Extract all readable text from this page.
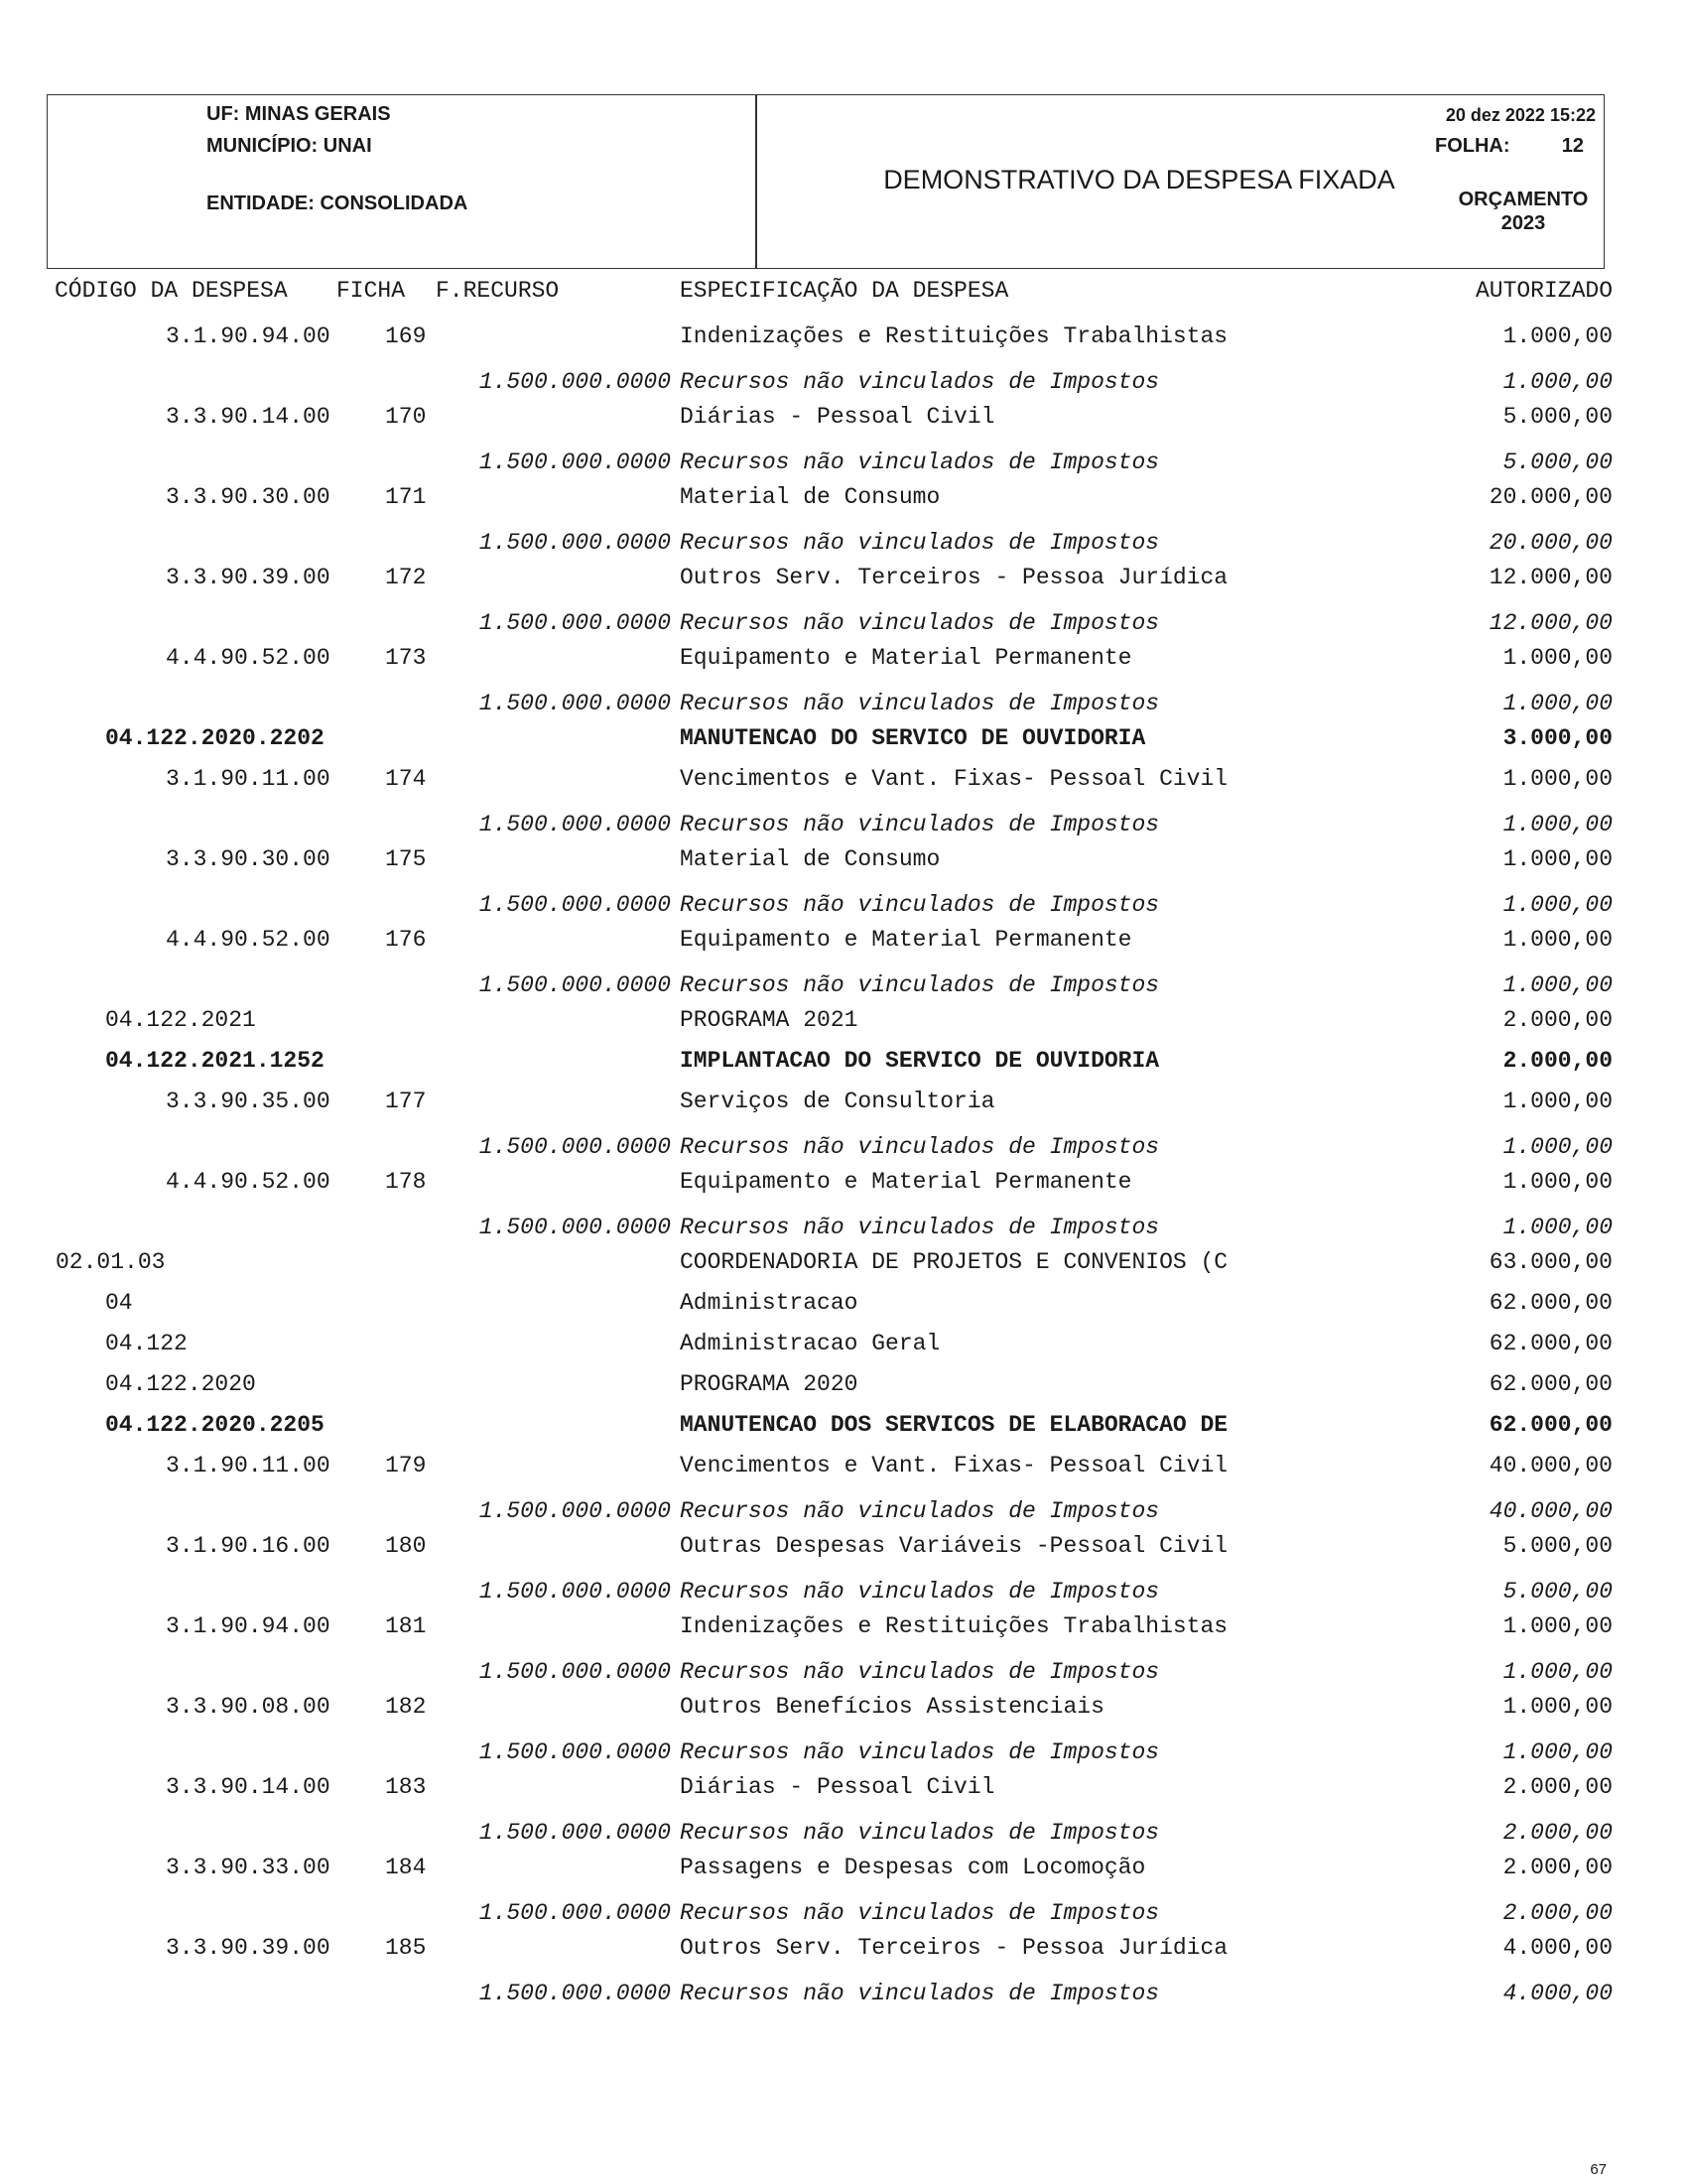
UF: MINAS GERAIS
MUNICÍPIO: UNAI
ENTIDADE: CONSOLIDADA
DEMONSTRATIVO DA DESPESA FIXADA
20 dez 2022 15:22
FOLHA:	12
ORÇAMENTO
2023
CÓDIGO DA DESPESA FICHA F.RECURSO	ESPECIFICAÇÃO DA DESPESA	AUTORIZADO
3.1.90.94.00 169	Indenizações e Restituições Trabalhistas	1.000,00
1.500.000.0000 Recursos não vinculados de Impostos	1.000,00
3.3.90.14.00 170	Diárias - Pessoal Civil	5.000,00
1.500.000.0000 Recursos não vinculados de Impostos	5.000,00
3.3.90.30.00 171	Material de Consumo	20.000,00
1.500.000.0000 Recursos não vinculados de Impostos	20.000,00
3.3.90.39.00 172	Outros Serv. Terceiros - Pessoa Jurídica	12.000,00
1.500.000.0000 Recursos não vinculados de Impostos	12.000,00
4.4.90.52.00 173	Equipamento e Material Permanente	1.000,00
1.500.000.0000 Recursos não vinculados de Impostos	1.000,00
04.122.2020.2202	MANUTENCAO DO SERVICO DE OUVIDORIA	3.000,00
3.1.90.11.00 174	Vencimentos e Vant. Fixas- Pessoal Civil	1.000,00
1.500.000.0000 Recursos não vinculados de Impostos	1.000,00
3.3.90.30.00 175	Material de Consumo	1.000,00
1.500.000.0000 Recursos não vinculados de Impostos	1.000,00
4.4.90.52.00 176	Equipamento e Material Permanente	1.000,00
1.500.000.0000 Recursos não vinculados de Impostos	1.000,00
04.122.2021	PROGRAMA 2021	2.000,00
04.122.2021.1252	IMPLANTACAO DO SERVICO DE OUVIDORIA	2.000,00
3.3.90.35.00 177	Serviços de Consultoria	1.000,00
1.500.000.0000 Recursos não vinculados de Impostos	1.000,00
4.4.90.52.00 178	Equipamento e Material Permanente	1.000,00
1.500.000.0000 Recursos não vinculados de Impostos	1.000,00
02.01.03	COORDENADORIA DE PROJETOS E CONVENIOS (C	63.000,00
04	Administracao	62.000,00
04.122	Administracao Geral	62.000,00
04.122.2020	PROGRAMA 2020	62.000,00
04.122.2020.2205	MANUTENCAO DOS SERVICOS DE ELABORACAO DE	62.000,00
3.1.90.11.00 179	Vencimentos e Vant. Fixas- Pessoal Civil	40.000,00
1.500.000.0000 Recursos não vinculados de Impostos	40.000,00
3.1.90.16.00 180	Outras Despesas Variáveis -Pessoal Civil	5.000,00
1.500.000.0000 Recursos não vinculados de Impostos	5.000,00
3.1.90.94.00 181	Indenizações e Restituições Trabalhistas	1.000,00
1.500.000.0000 Recursos não vinculados de Impostos	1.000,00
3.3.90.08.00 182	Outros Benefícios Assistenciais	1.000,00
1.500.000.0000 Recursos não vinculados de Impostos	1.000,00
3.3.90.14.00 183	Diárias - Pessoal Civil	2.000,00
1.500.000.0000 Recursos não vinculados de Impostos	2.000,00
3.3.90.33.00 184	Passagens e Despesas com Locomoção	2.000,00
1.500.000.0000 Recursos não vinculados de Impostos	2.000,00
3.3.90.39.00 185	Outros Serv. Terceiros - Pessoa Jurídica	4.000,00
1.500.000.0000 Recursos não vinculados de Impostos	4.000,00
67
